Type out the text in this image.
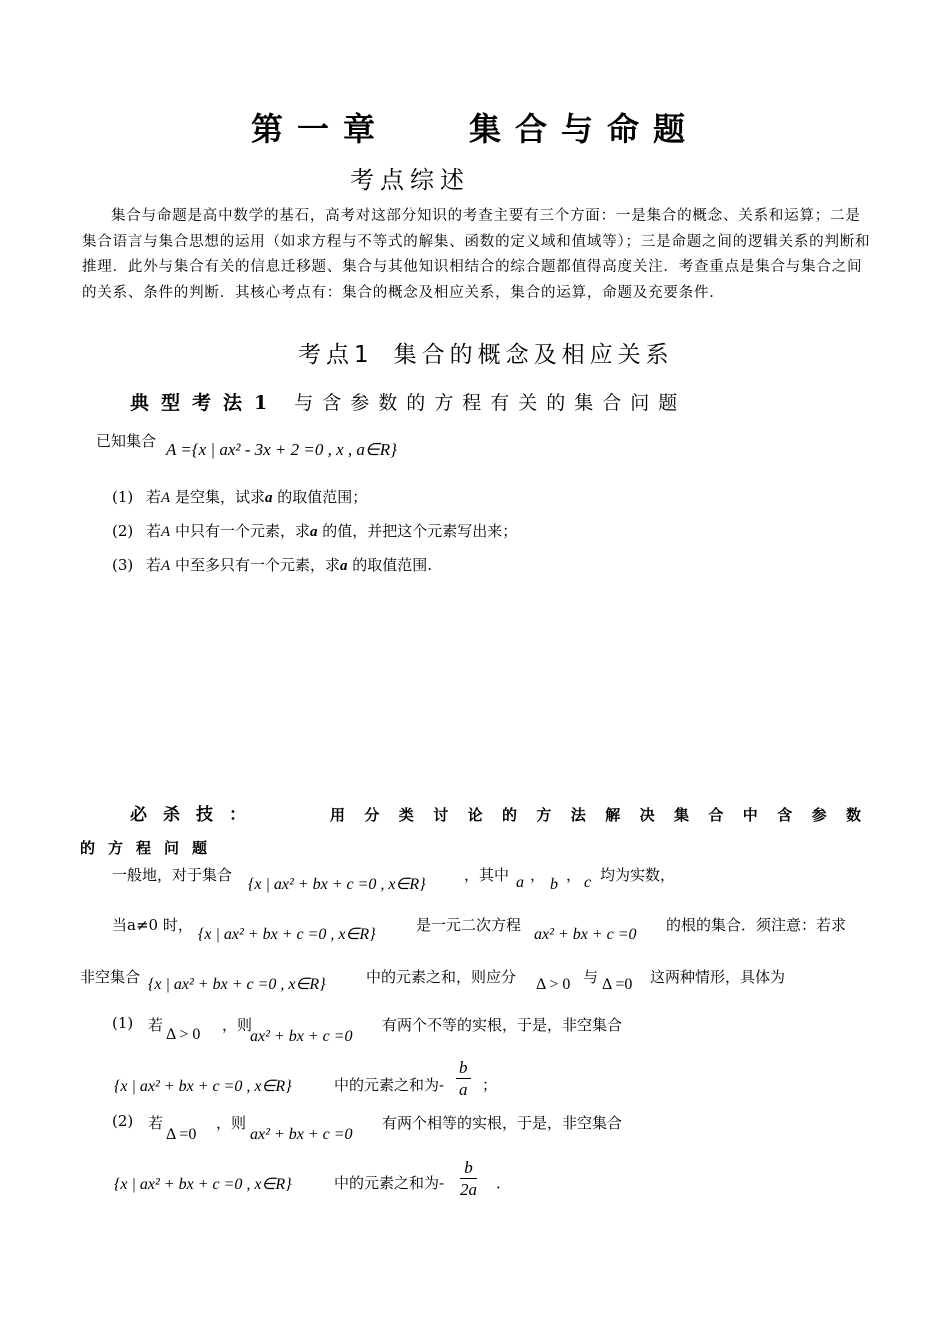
第一章	集合与命题
考点综述
集合与命题是高中数学的基石，高考对这部分知识的考查主要有三个方面：一是集合的概念、关系和运算；二是集合语言与集合思想的运用（如求方程与不等式的解集、函数的定义域和值域等）；三是命题之间的逻辑关系的判断和推理．此外与集合有关的信息迁移题、集合与其他知识相结合的综合题都值得高度关注．考查重点是集合与集合之间的关系、条件的判断．其核心考点有：集合的概念及相应关系，集合的运算，命题及充要条件．
考点1 集合的概念及相应关系
典型考法1 与含参数的方程有关的集合问题
已知集合 A ={x | ax² - 3x + 2 =0 , x , a∈R}
(1) 若A 是空集，试求a 的取值范围；
(2) 若A 中只有一个元素，求a 的值，并把这个元素写出来；
(3) 若A 中至多只有一个元素，求a 的取值范围.
必杀技：	用分类讨论的方法解决集合中含参数
的方程问题
一般地，对于集合
{x | ax² + bx + c =0 , x∈R}
，其中 a ，
b
， c 均为实数，
当a≠0 时，
{x | ax² + bx + c =0 , x∈R}
是一元二次方程
ax² + bx + c =0
的根的集合．须注意：若求
非空集合 {x | ax² + bx + c =0 , x∈R}	中的元素之和，则应分 Δ > 0 与 Δ =0 这两种情形，具体为
(1) 若
Δ > 0
，则
ax² + bx + c =0
有两个不等的实根，于是，非空集合
{x | ax² + bx + c =0 , x∈R}	中的元素之和为- $\frac{b}{a}$ ；
(2) 若
Δ =0
，则
ax² + bx + c =0
有两个相等的实根，于是，非空集合
{x | ax² + bx + c =0 , x∈R}	中的元素之和为- $\frac{b}{2a}$ ．
